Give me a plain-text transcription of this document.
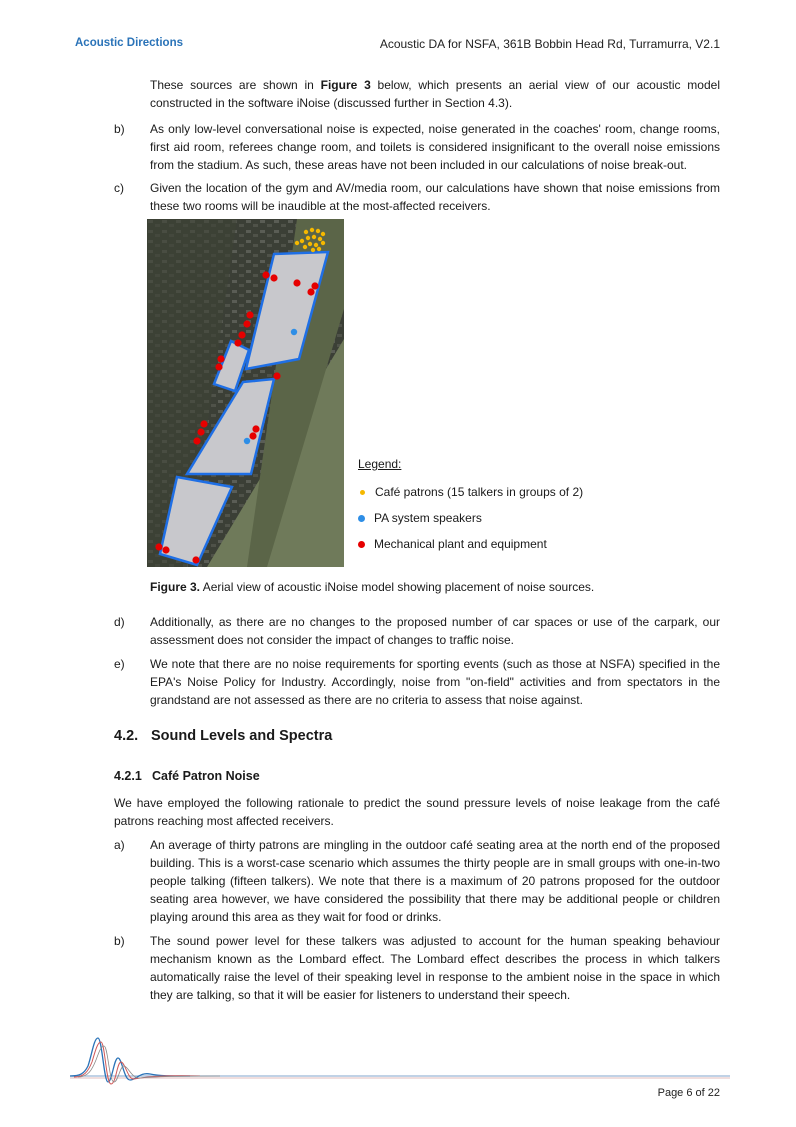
Acoustic Directions	Acoustic DA for NSFA, 361B Bobbin Head Rd, Turramurra, V2.1
These sources are shown in Figure 3 below, which presents an aerial view of our acoustic model constructed in the software iNoise (discussed further in Section 4.3).
b) As only low-level conversational noise is expected, noise generated in the coaches' room, change rooms, first aid room, referees change room, and toilets is considered insignificant to the overall noise emissions from the stadium. As such, these areas have not been included in our calculations of noise break-out.
c) Given the location of the gym and AV/media room, our calculations have shown that noise emissions from these two rooms will be inaudible at the most-affected receivers.
Legend:
Café patrons (15 talkers in groups of 2)
PA system speakers
Mechanical plant and equipment
Figure 3. Aerial view of acoustic iNoise model showing placement of noise sources.
d) Additionally, as there are no changes to the proposed number of car spaces or use of the carpark, our assessment does not consider the impact of changes to traffic noise.
e) We note that there are no noise requirements for sporting events (such as those at NSFA) specified in the EPA's Noise Policy for Industry. Accordingly, noise from "on-field" activities and from spectators in the grandstand are not assessed as there are no criteria to assess that noise against.
4.2. Sound Levels and Spectra
4.2.1 Café Patron Noise
We have employed the following rationale to predict the sound pressure levels of noise leakage from the café patrons reaching most affected receivers.
a) An average of thirty patrons are mingling in the outdoor café seating area at the north end of the proposed building. This is a worst-case scenario which assumes the thirty people are in small groups with one-in-two people talking (fifteen talkers). We note that there is a maximum of 20 patrons proposed for the outdoor seating area however, we have considered the possibility that there may be additional people or children playing around this area as they wait for food or drinks.
b) The sound power level for these talkers was adjusted to account for the human speaking behaviour mechanism known as the Lombard effect. The Lombard effect describes the process in which talkers automatically raise the level of their speaking level in response to the ambient noise in the space in which they are talking, so that it will be easier for listeners to understand their speech.
Page 6 of 22
